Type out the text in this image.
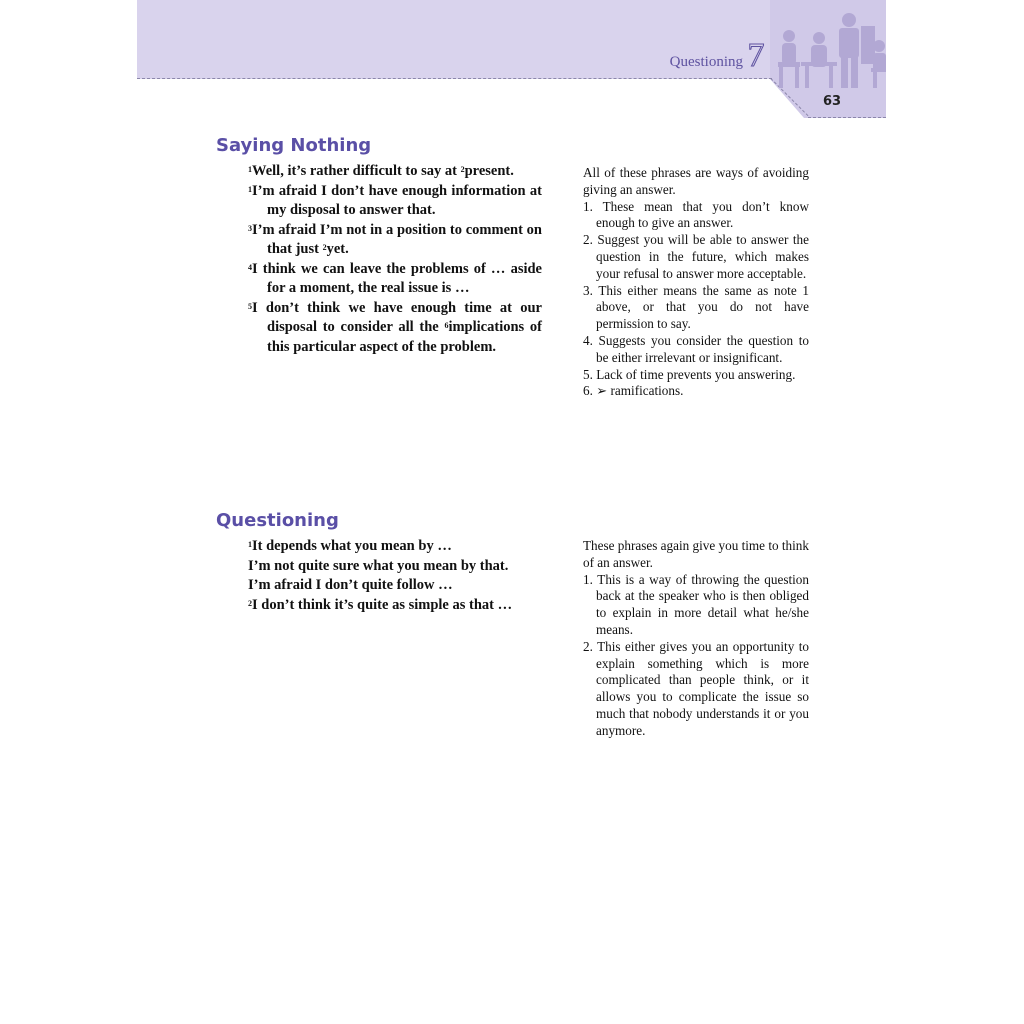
Questioning 7
63
Saying Nothing
$^1$Well, it’s rather difficult to say at $^2$present.
$^1$I’m afraid I don’t have enough information at my disposal to answer that.
$^3$I’m afraid I’m not in a position to comment on that just $^2$yet.
$^4$I think we can leave the problems of … aside for a moment, the real issue is …
$^5$I don’t think we have enough time at our disposal to consider all the $^6$implications of this particular aspect of the problem.

All of these phrases are ways of avoiding giving an answer.

1. These mean that you don’t know enough to give an answer.
2. Suggest you will be able to answer the question in the future, which makes your refusal to answer more acceptable.
3. This either means the same as note 1 above, or that you do not have permission to say.
4. Suggests you consider the question to be either irrelevant or insignificant.
5. Lack of time prevents you answering.
6. ➢ ramifications.
Questioning
$^1$It depends what you mean by …
I’m not quite sure what you mean by that.
I’m afraid I don’t quite follow …
$^2$I don’t think it’s quite as simple as that …

These phrases again give you time to think of an answer.

1. This is a way of throwing the question back at the speaker who is then obliged to explain in more detail what he/she means.
2. This either gives you an opportunity to explain something which is more complicated than people think, or it allows you to complicate the issue so much that nobody understands it or you anymore.
